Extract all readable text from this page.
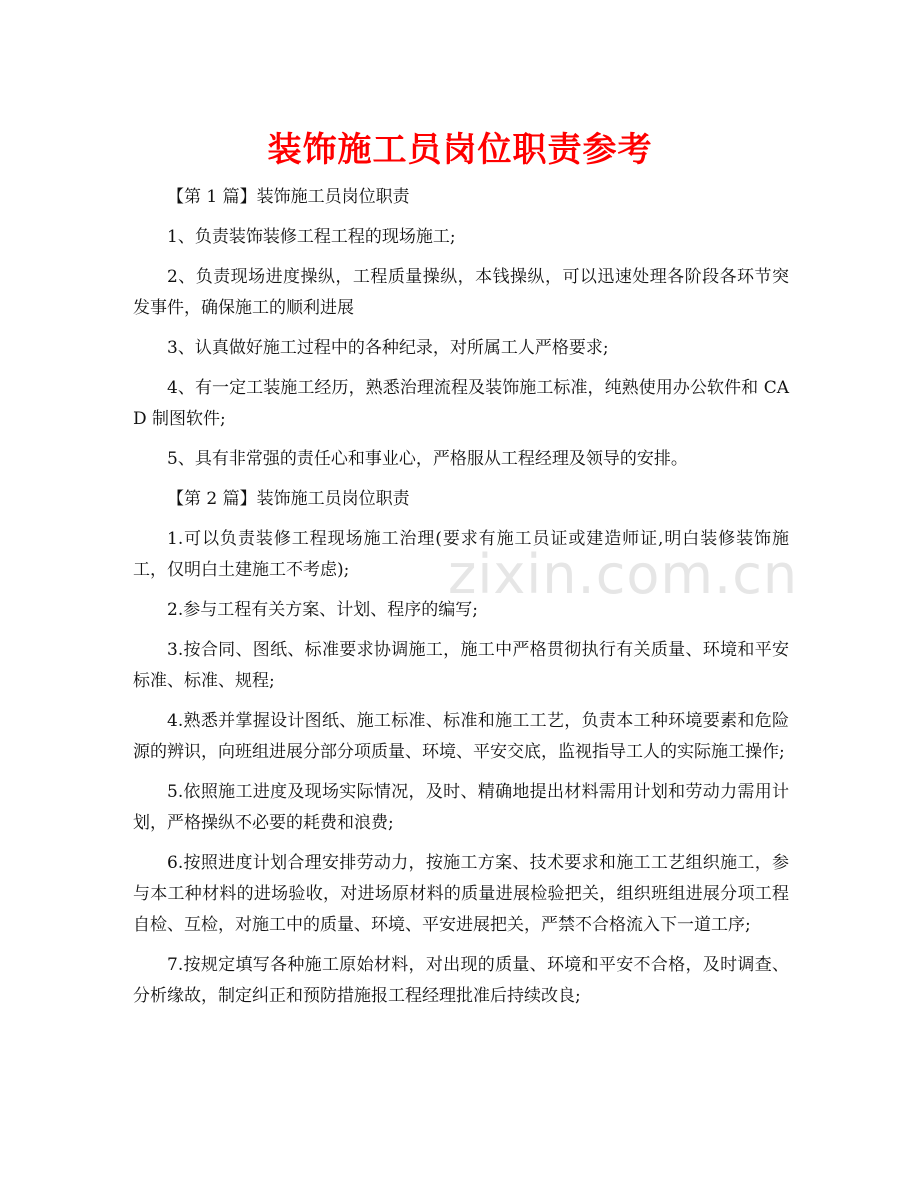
zixin.com.cn
装饰施工员岗位职责参考

【第 1 篇】装饰施工员岗位职责

1、负责装饰装修工程工程的现场施工;

2、负责现场进度操纵，工程质量操纵，本钱操纵，可以迅速处理各阶段各环节突发事件，确保施工的顺利进展

3、认真做好施工过程中的各种纪录，对所属工人严格要求;

4、有一定工装施工经历，熟悉治理流程及装饰施工标准，纯熟使用办公软件和 CAD 制图软件;

5、具有非常强的责任心和事业心，严格服从工程经理及领导的安排。

【第 2 篇】装饰施工员岗位职责

1.可以负责装修工程现场施工治理(要求有施工员证或建造师证,明白装修装饰施工，仅明白土建施工不考虑);

2.参与工程有关方案、计划、程序的编写;

3.按合同、图纸、标准要求协调施工，施工中严格贯彻执行有关质量、环境和平安标准、标准、规程;

4.熟悉并掌握设计图纸、施工标准、标准和施工工艺，负责本工种环境要素和危险源的辨识，向班组进展分部分项质量、环境、平安交底，监视指导工人的实际施工操作;

5.依照施工进度及现场实际情况，及时、精确地提出材料需用计划和劳动力需用计划，严格操纵不必要的耗费和浪费;

6.按照进度计划合理安排劳动力，按施工方案、技术要求和施工工艺组织施工，参与本工种材料的进场验收，对进场原材料的质量进展检验把关，组织班组进展分项工程自检、互检，对施工中的质量、环境、平安进展把关，严禁不合格流入下一道工序;

7.按规定填写各种施工原始材料，对出现的质量、环境和平安不合格，及时调查、分析缘故，制定纠正和预防措施报工程经理批准后持续改良;
